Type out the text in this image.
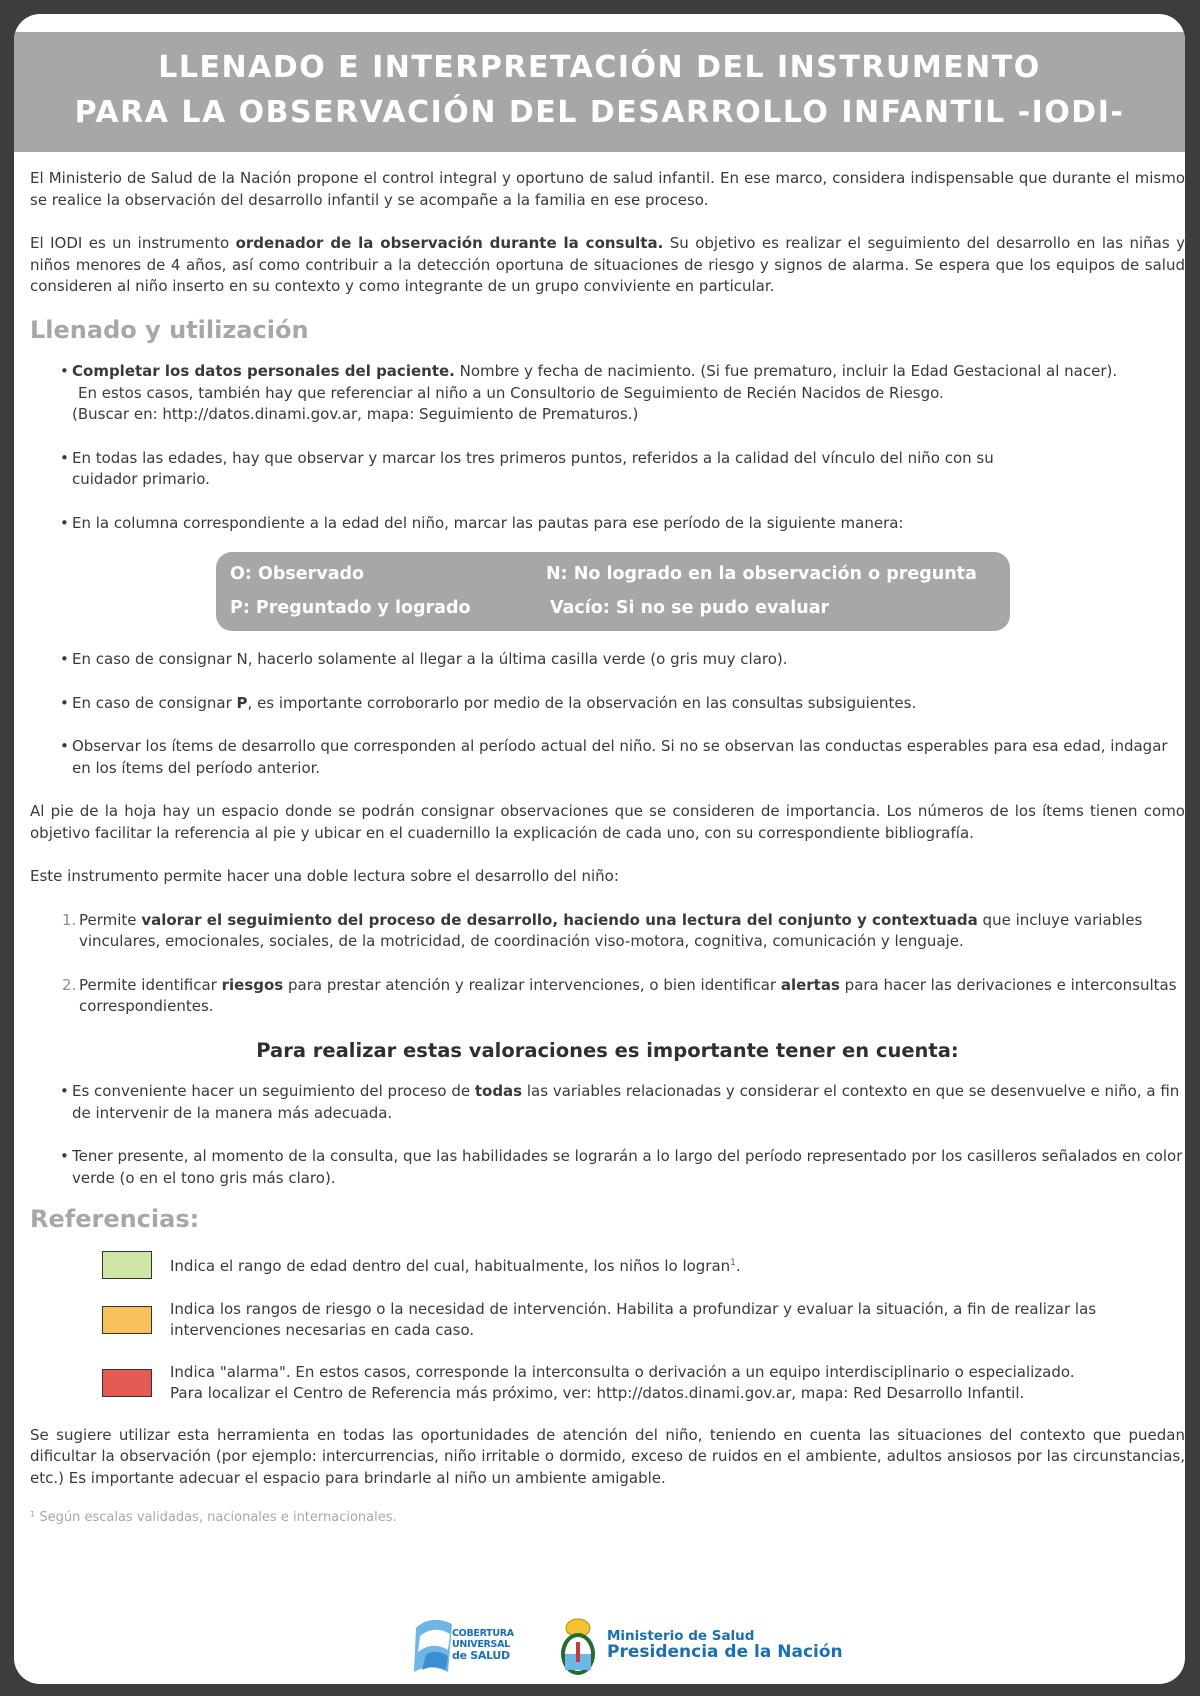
LLENADO E INTERPRETACIÓN DEL INSTRUMENTO
PARA LA OBSERVACIÓN DEL DESARROLLO INFANTIL -IODI-

El Ministerio de Salud de la Nación propone el control integral y oportuno de salud infantil. En ese marco, considera indispensable que durante el mismo se realice la observación del desarrollo infantil y se acompañe a la familia en ese proceso.

El IODI es un instrumento ordenador de la observación durante la consulta. Su objetivo es realizar el seguimiento del desarrollo en las niñas y niños menores de 4 años, así como contribuir a la detección oportuna de situaciones de riesgo y signos de alarma. Se espera que los equipos de salud consideren al niño inserto en su contexto y como integrante de un grupo conviviente en particular.

Llenado y utilización
• Completar los datos personales del paciente. Nombre y fecha de nacimiento. (Si fue prematuro, incluir la Edad Gestacional al nacer).
En estos casos, también hay que referenciar al niño a un Consultorio de Seguimiento de Recién Nacidos de Riesgo.
(Buscar en: http://datos.dinami.gov.ar, mapa: Seguimiento de Prematuros.)
• En todas las edades, hay que observar y marcar los tres primeros puntos, referidos a la calidad del vínculo del niño con su cuidador primario.
• En la columna correspondiente a la edad del niño, marcar las pautas para ese período de la siguiente manera:
O: Observado	N: No logrado en la observación o pregunta
P: Preguntado y logrado	Vacío: Si no se pudo evaluar
• En caso de consignar N, hacerlo solamente al llegar a la última casilla verde (o gris muy claro).
• En caso de consignar P, es importante corroborarlo por medio de la observación en las consultas subsiguientes.
• Observar los ítems de desarrollo que corresponden al período actual del niño. Si no se observan las conductas esperables para esa edad, indagar en los ítems del período anterior.

Al pie de la hoja hay un espacio donde se podrán consignar observaciones que se consideren de importancia. Los números de los ítems tienen como objetivo facilitar la referencia al pie y ubicar en el cuadernillo la explicación de cada uno, con su correspondiente bibliografía.

Este instrumento permite hacer una doble lectura sobre el desarrollo del niño:

1. Permite valorar el seguimiento del proceso de desarrollo, haciendo una lectura del conjunto y contextuada que incluye variables vinculares, emocionales, sociales, de la motricidad, de coordinación viso-motora, cognitiva, comunicación y lenguaje.
2. Permite identificar riesgos para prestar atención y realizar intervenciones, o bien identificar alertas para hacer las derivaciones e interconsultas correspondientes.
Para realizar estas valoraciones es importante tener en cuenta:
• Es conveniente hacer un seguimiento del proceso de todas las variables relacionadas y considerar el contexto en que se desenvuelve e niño, a fin de intervenir de la manera más adecuada.
• Tener presente, al momento de la consulta, que las habilidades se lograrán a lo largo del período representado por los casilleros señalados en color verde (o en el tono gris más claro).
Referencias:
Indica el rango de edad dentro del cual, habitualmente, los niños lo logran$^1$.
Indica los rangos de riesgo o la necesidad de intervención. Habilita a profundizar y evaluar la situación, a fin de realizar las intervenciones necesarias en cada caso.
Indica "alarma". En estos casos, corresponde la interconsulta o derivación a un equipo interdisciplinario o especializado.
Para localizar el Centro de Referencia más próximo, ver: http://datos.dinami.gov.ar, mapa: Red Desarrollo Infantil.

Se sugiere utilizar esta herramienta en todas las oportunidades de atención del niño, teniendo en cuenta las situaciones del contexto que puedan dificultar la observación (por ejemplo: intercurrencias, niño irritable o dormido, exceso de ruidos en el ambiente, adultos ansiosos por las circunstancias, etc.) Es importante adecuar el espacio para brindarle al niño un ambiente amigable.

¹ Según escalas validadas, nacionales e internacionales.
COBERTURA
UNIVERSAL
de SALUD
Ministerio de Salud
Presidencia de la Nación
